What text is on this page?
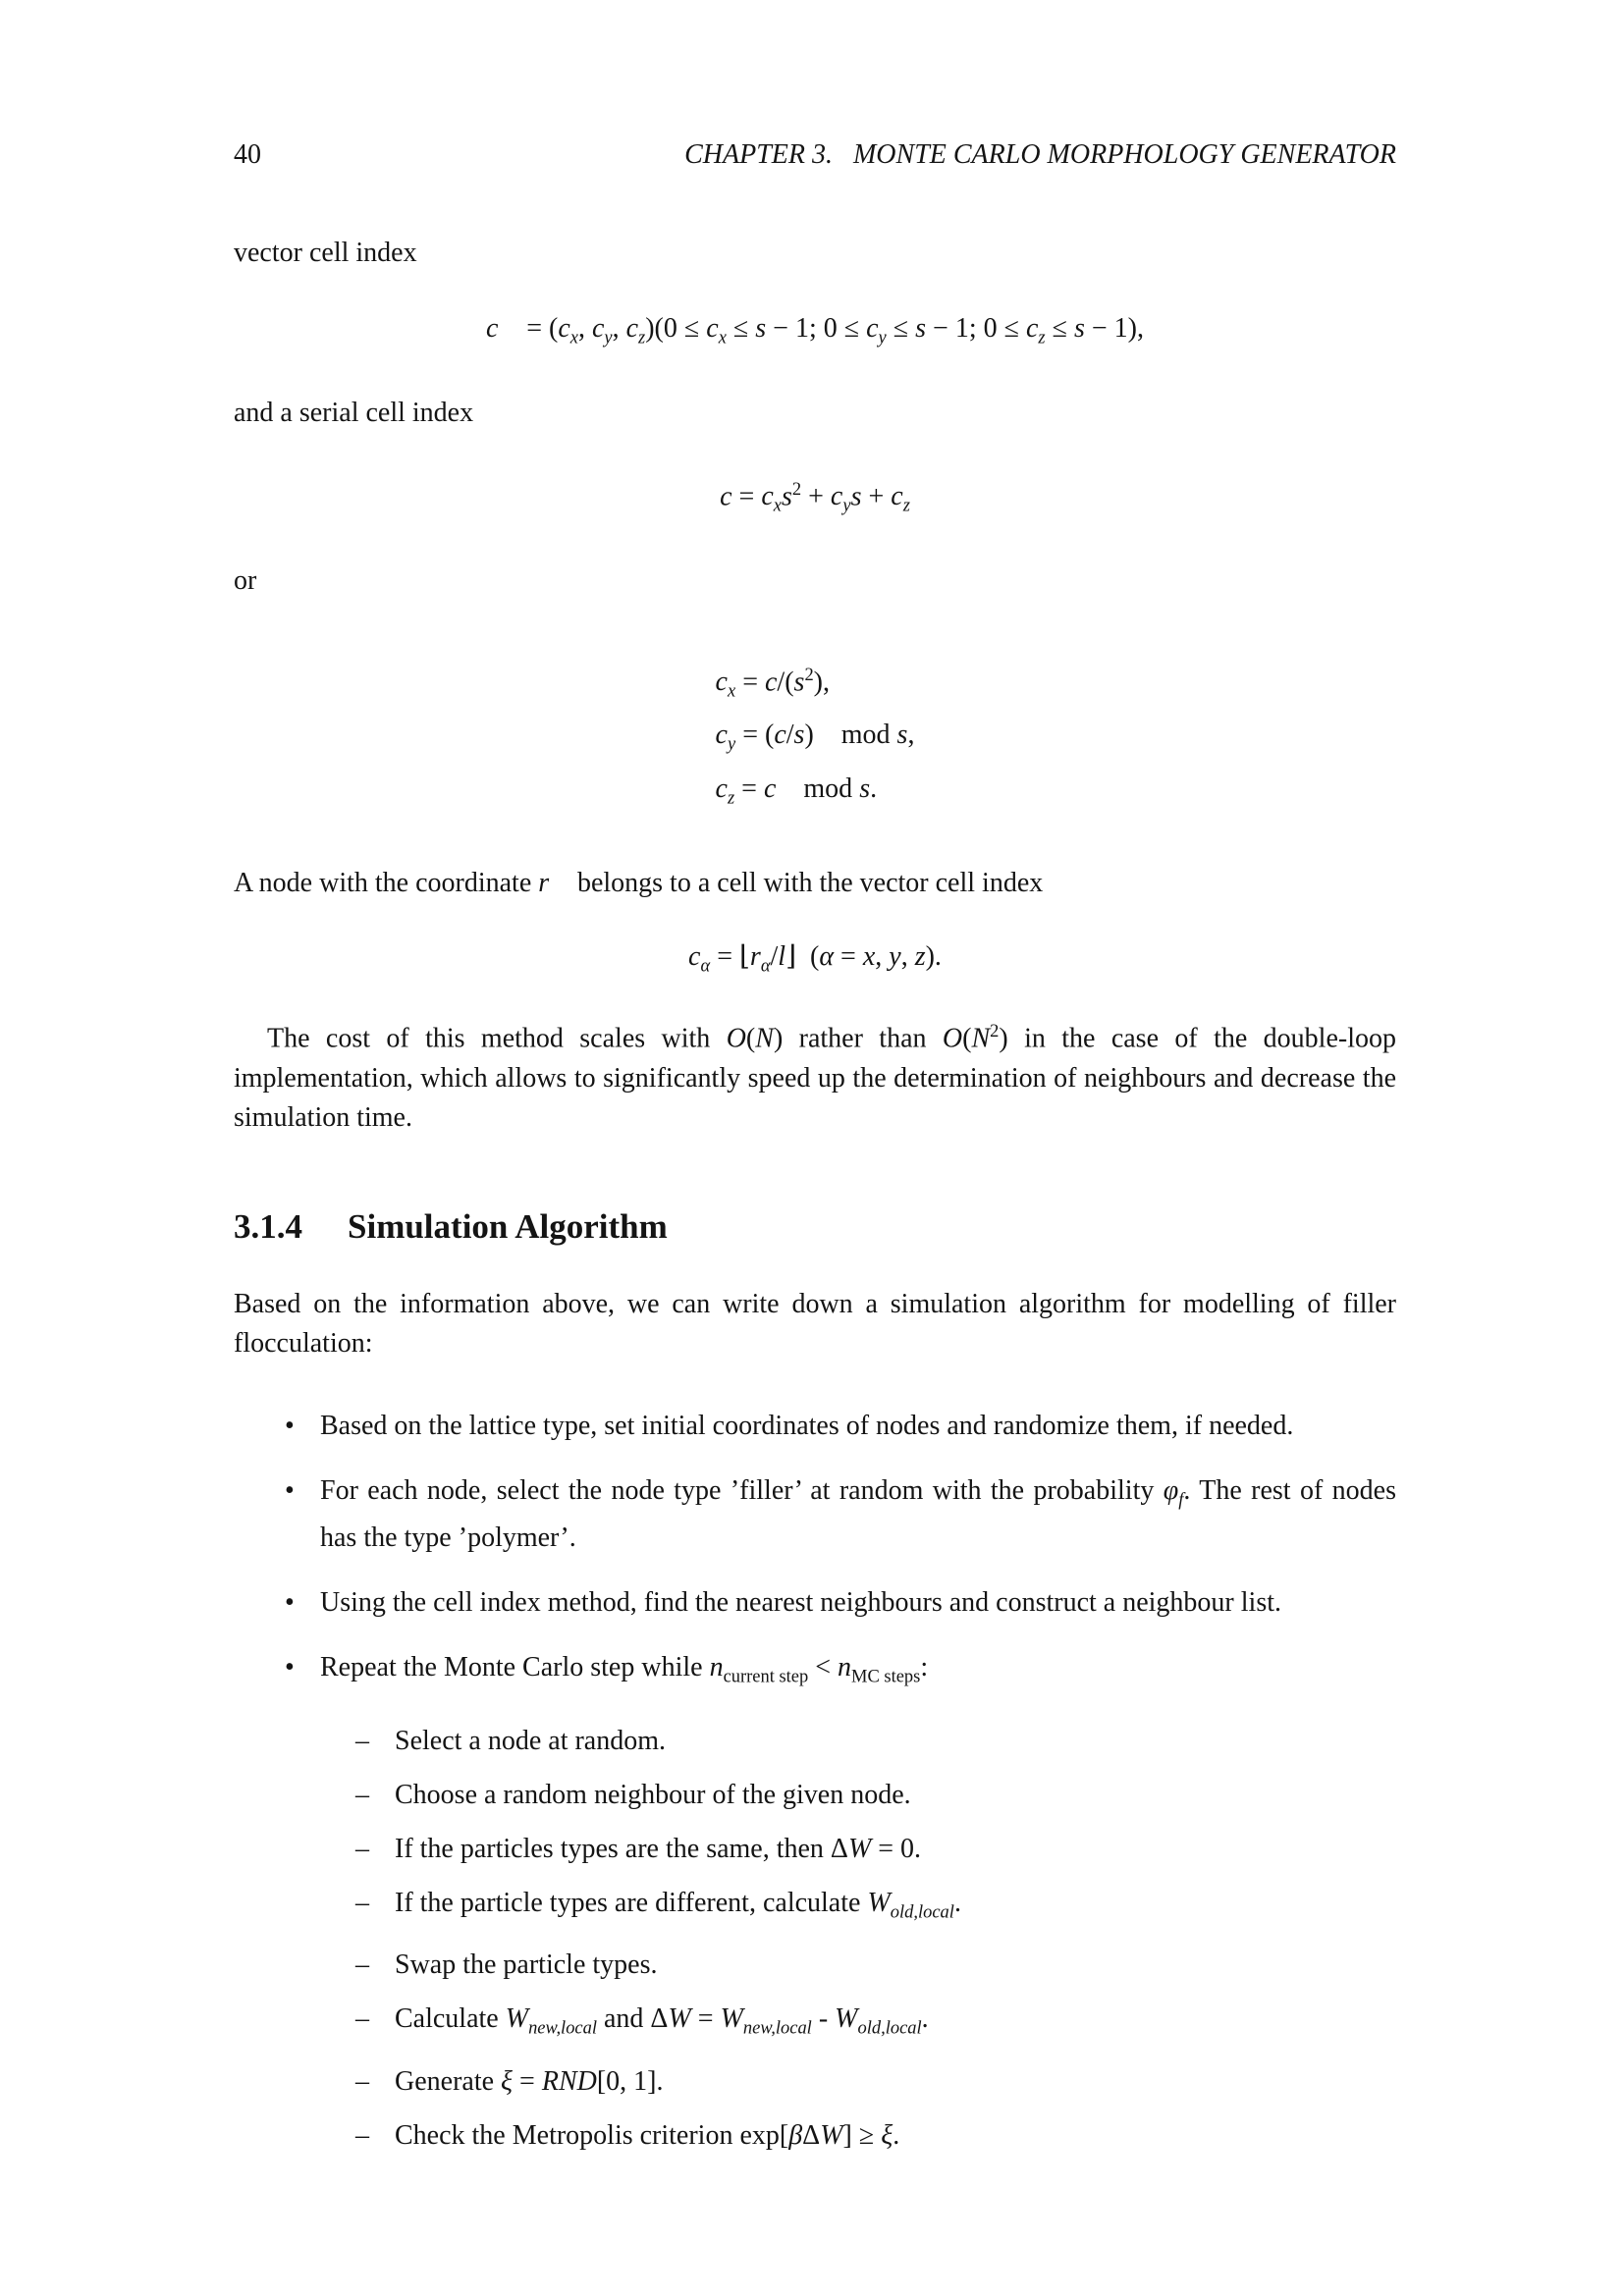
40	CHAPTER 3.  MONTE CARLO MORPHOLOGY GENERATOR

vector cell index

c⃗ = ($c_x$, $c_y$, $c_z)(0 \le c_x \le s - 1$; $0 \le c_y \le s - 1$; $0 \le c_z \le s - 1$),

and a serial cell index

$c = c_xs^2 + c_ys + c_z$

or

$c_x = c/(s^2)$,
$c_y = (c/s)$    mod s,
$c_z = c$    mod s.

A node with the coordinate r⃗ belongs to a cell with the vector cell index

$c_\alpha$ = $⌊r_\alpha/l⌋$  (α = x, y, z).

The cost of this method scales with O(N) rather than $O(N^2)$ in the case of the double-loop implementation, which allows to significantly speed up the determination of neighbours and decrease the simulation time.

3.1.4 Simulation Algorithm

Based on the information above, we can write down a simulation algorithm for modelling of filler flocculation:

• Based on the lattice type, set initial coordinates of nodes and randomize them, if needed.
• For each node, select the node type ’filler’ at random with the probability $\varphi_f$. The rest of nodes has the type ’polymer’.
• Using the cell index method, find the nearest neighbours and construct a neighbour list.
• Repeat the Monte Carlo step while $n_{current step} < n_{MC steps}$:
– Select a node at random.
– Choose a random neighbour of the given node.
– If the particles types are the same, then ΔW = 0.
– If the particle types are different, calculate $W_{old,local}$.
– Swap the particle types.
– Calculate $W_{new,local}$ and $\Delta W = W_{new,local} - W_{old,local}$.
– Generate ξ = RND[0, 1].
– Check the Metropolis criterion exp[βΔW] ≥ ξ.
